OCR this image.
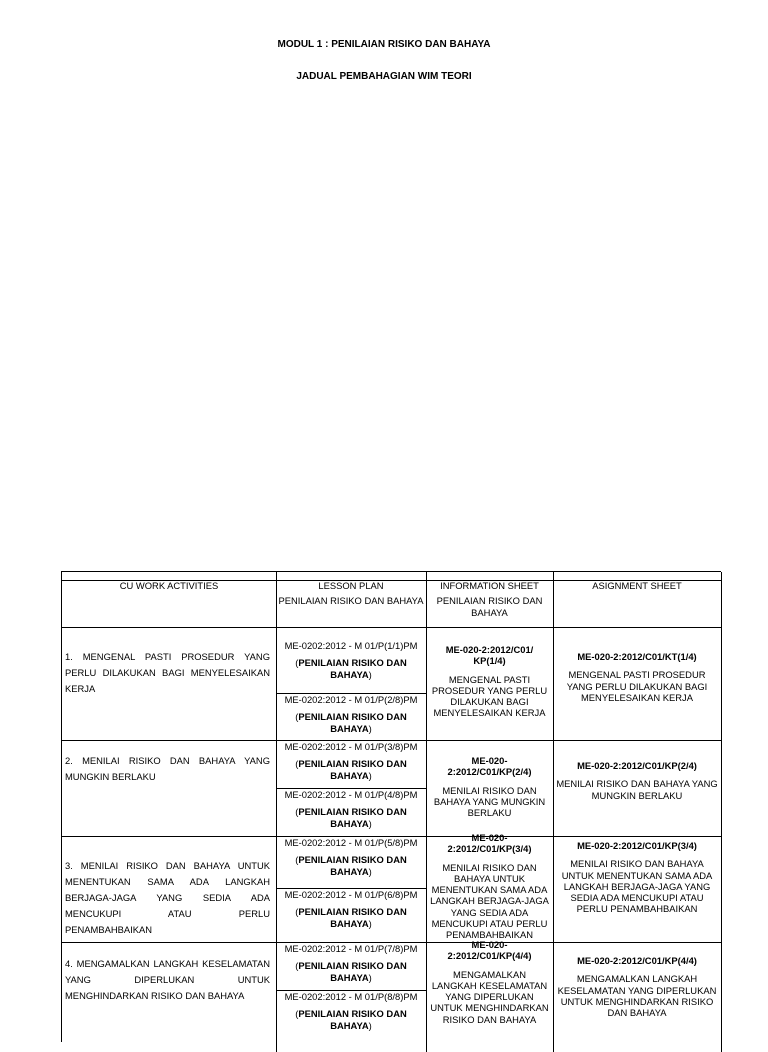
MODUL 1 : PENILAIAN RISIKO DAN BAHAYA
JADUAL PEMBAHAGIAN WIM TEORI
CU WORK ACTIVITIES	LESSON PLAN
PENILAIAN RISIKO DAN BAHAYA
INFORMATION SHEET
PENILAIAN RISIKO DAN BAHAYA
ASIGNMENT SHEET
1. MENGENAL PASTI PROSEDUR YANG PERLU DILAKUKAN BAGI MENYELESAIKAN KERJA
ME-0202:2012 - M 01/P(1/1)PM
(PENILAIAN RISIKO DAN BAHAYA)
ME-0202:2012 - M 01/P(2/8)PM
(PENILAIAN RISIKO DAN BAHAYA)
ME-020-2:2012/C01/ KP(1/4)
MENGENAL PASTI PROSEDUR YANG PERLU DILAKUKAN BAGI MENYELESAIKAN KERJA
ME-020-2:2012/C01/KT(1/4)
MENGENAL PASTI PROSEDUR YANG PERLU DILAKUKAN BAGI MENYELESAIKAN KERJA
2. MENILAI RISIKO DAN BAHAYA YANG MUNGKIN BERLAKU
ME-0202:2012 - M 01/P(3/8)PM
(PENILAIAN RISIKO DAN BAHAYA)
ME-0202:2012 - M 01/P(4/8)PM
(PENILAIAN RISIKO DAN BAHAYA)
ME-020-2:2012/C01/KP(2/4)
MENILAI RISIKO DAN BAHAYA YANG MUNGKIN BERLAKU
ME-020-2:2012/C01/KP(2/4)
MENILAI RISIKO DAN BAHAYA YANG MUNGKIN BERLAKU
3. MENILAI RISIKO DAN BAHAYA UNTUK MENENTUKAN SAMA ADA LANGKAH BERJAGA-JAGA YANG SEDIA ADA MENCUKUPI ATAU PERLU PENAMBAHBAIKAN
ME-0202:2012 - M 01/P(5/8)PM
(PENILAIAN RISIKO DAN BAHAYA)
ME-0202:2012 - M 01/P(6/8)PM
(PENILAIAN RISIKO DAN BAHAYA)
ME-020-2:2012/C01/KP(3/4)
MENILAI RISIKO DAN BAHAYA UNTUK MENENTUKAN SAMA ADA LANGKAH BERJAGA-JAGA YANG SEDIA ADA MENCUKUPI ATAU PERLU PENAMBAHBAIKAN
ME-020-2:2012/C01/KP(3/4)
MENILAI RISIKO DAN BAHAYA UNTUK MENENTUKAN SAMA ADA LANGKAH BERJAGA-JAGA YANG SEDIA ADA MENCUKUPI ATAU PERLU PENAMBAHBAIKAN
4. MENGAMALKAN LANGKAH KESELAMATAN YANG DIPERLUKAN UNTUK MENGHINDARKAN RISIKO DAN BAHAYA
ME-0202:2012 - M 01/P(7/8)PM
(PENILAIAN RISIKO DAN BAHAYA)
ME-0202:2012 - M 01/P(8/8)PM
(PENILAIAN RISIKO DAN BAHAYA)
ME-020-2:2012/C01/KP(4/4)
MENGAMALKAN LANGKAH KESELAMATAN YANG DIPERLUKAN UNTUK MENGHINDARKAN RISIKO DAN BAHAYA
ME-020-2:2012/C01/KP(4/4)
MENGAMALKAN LANGKAH KESELAMATAN YANG DIPERLUKAN UNTUK MENGHINDARKAN RISIKO DAN BAHAYA
